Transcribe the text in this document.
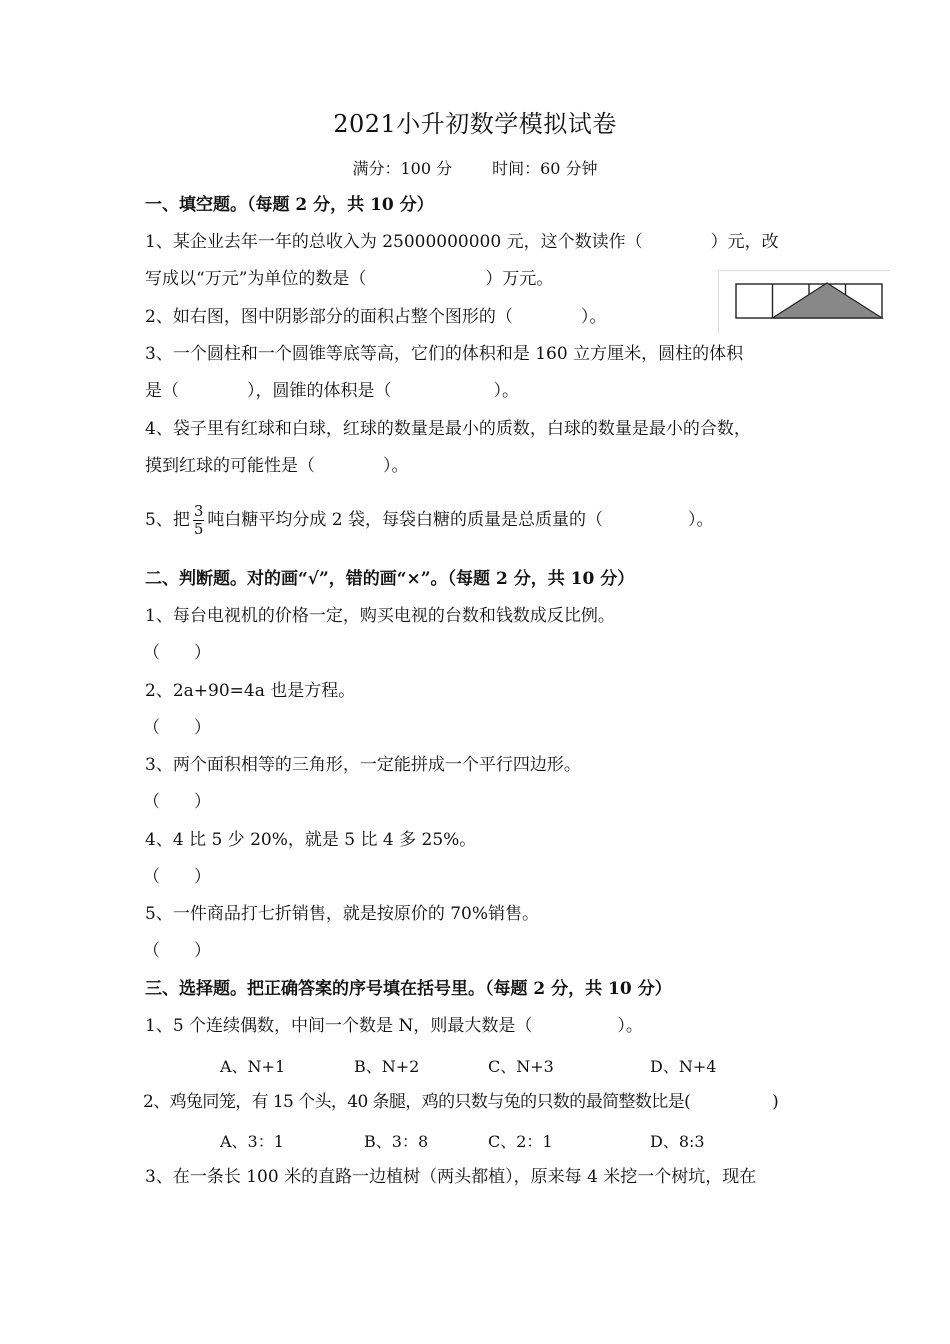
2021小升初数学模拟试卷
满分：100 分	时间：60 分钟
一、填空题。（每题 2 分，共 10 分）
1、某企业去年一年的总收入为 25000000000 元，这个数读作（　　　　）元，改
写成以“万元”为单位的数是（　　　　　　　）万元。
2、如右图，图中阴影部分的面积占整个图形的（　　　　）。
3、一个圆柱和一个圆锥等底等高，它们的体积和是 160 立方厘米，圆柱的体积
是（　　　　），圆锥的体积是（　　　　　　）。
4、袋子里有红球和白球，红球的数量是最小的质数，白球的数量是最小的合数，
摸到红球的可能性是（　　　　）。
5、把 $\frac{3}{5}$ 吨白糖平均分成 2 袋，每袋白糖的质量是总质量的（　　　　　）。
二、判断题。对的画“√”，错的画“×”。（每题 2 分，共 10 分）
1、每台电视机的价格一定，购买电视的台数和钱数成反比例。
（　　）
2、2a+90=4a 也是方程。
（　　）
3、两个面积相等的三角形，一定能拼成一个平行四边形。
（　　）
4、4 比 5 少 20%，就是 5 比 4 多 25%。
（　　）
5、一件商品打七折销售，就是按原价的 70%销售。
（　　）
三、选择题。把正确答案的序号填在括号里。（每题 2 分，共 10 分）
1、5 个连续偶数，中间一个数是 N，则最大数是（　　　　　）。
A、N+1	B、N+2	C、N+3	D、N+4
2、鸡兔同笼，有 15 个头，40 条腿，鸡的只数与兔的只数的最简整数比是(　　　　　)
A、3：1	B、3：8	C、2：1	D、8:3
3、在一条长 100 米的直路一边植树（两头都植），原来每 4 米挖一个树坑，现在
